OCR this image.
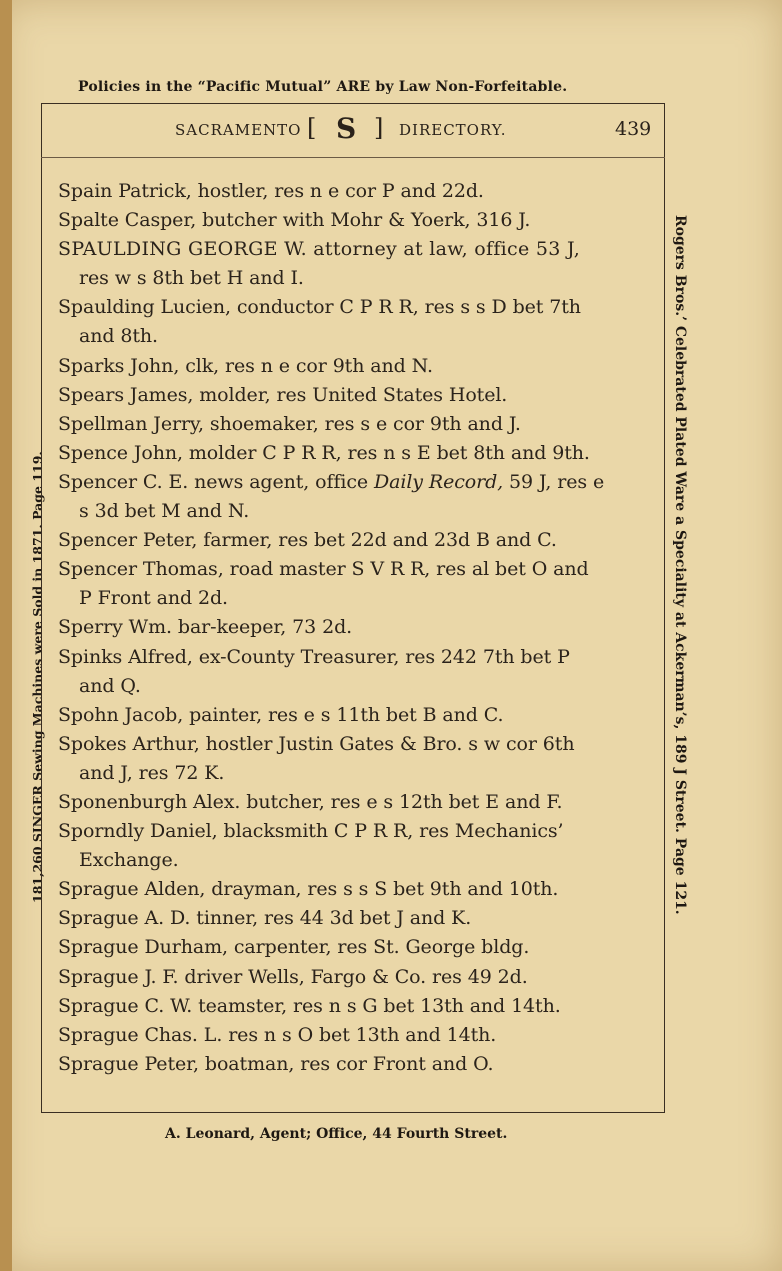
Policies in the “Pacific Mutual” ARE by Law Non-Forfeitable.
181,260 SINGER Sewing Machines were Sold in 1871. Page 119.	Rogers Bros.’ Celebrated Plated Ware a Speciality at Ackerman’s, 189 J Street. Page 121.
SACRAMENTO [ S ] DIRECTORY.	439
Spain Patrick, hostler, res n e cor P and 22d.
Spalte Casper, butcher with Mohr & Yoerk, 316 J.
SPAULDING GEORGE W. attorney at law, office 53 J,
res w s 8th bet H and I.
Spaulding Lucien, conductor C P R R, res s s D bet 7th
and 8th.
Sparks John, clk, res n e cor 9th and N.
Spears James, molder, res United States Hotel.
Spellman Jerry, shoemaker, res s e cor 9th and J.
Spence John, molder C P R R, res n s E bet 8th and 9th.
Spencer C. E. news agent, office Daily Record, 59 J, res e
s 3d bet M and N.
Spencer Peter, farmer, res bet 22d and 23d B and C.
Spencer Thomas, road master S V R R, res al bet O and
P Front and 2d.
Sperry Wm. bar-keeper, 73 2d.
Spinks Alfred, ex-County Treasurer, res 242 7th bet P
and Q.
Spohn Jacob, painter, res e s 11th bet B and C.
Spokes Arthur, hostler Justin Gates & Bro. s w cor 6th
and J, res 72 K.
Sponenburgh Alex. butcher, res e s 12th bet E and F.
Sporndly Daniel, blacksmith C P R R, res Mechanics’
Exchange.
Sprague Alden, drayman, res s s S bet 9th and 10th.
Sprague A. D. tinner, res 44 3d bet J and K.
Sprague Durham, carpenter, res St. George bldg.
Sprague J. F. driver Wells, Fargo & Co. res 49 2d.
Sprague C. W. teamster, res n s G bet 13th and 14th.
Sprague Chas. L. res n s O bet 13th and 14th.
Sprague Peter, boatman, res cor Front and O.
A. Leonard, Agent; Office, 44 Fourth Street.
